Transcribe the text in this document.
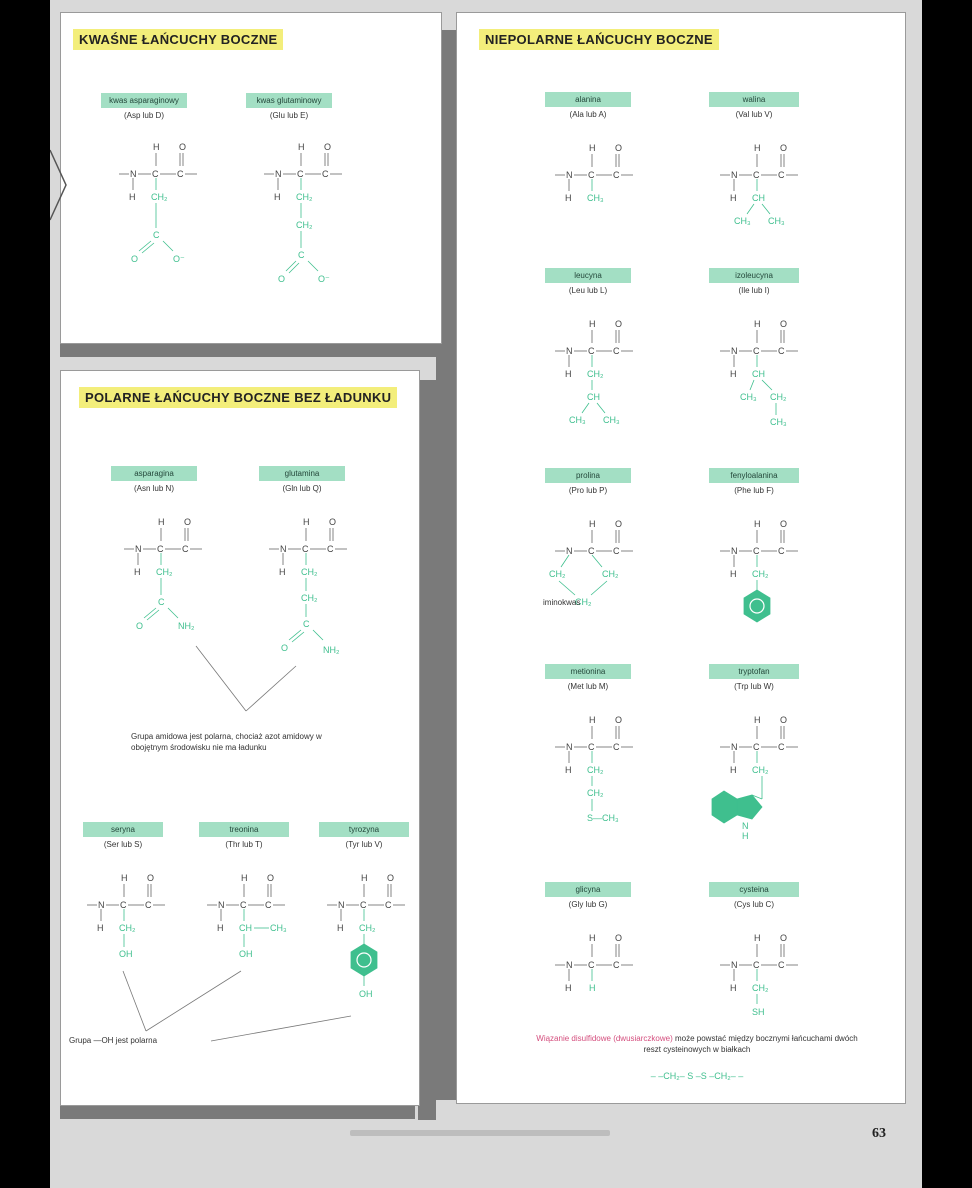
KWAŚNE ŁAŃCUCHY BOCZNE
kwas asparaginowy
(Asp lub D)
kwas glutaminowy
(Glu lub E)
H O
N C C
H CH₂
C
O	O⁻
H O
N C C
H CH₂
CH₂
C
O	O⁻
POLARNE ŁAŃCUCHY BOCZNE BEZ ŁADUNKU
asparagina
(Asn lub N)
glutamina
(Gln lub Q)
H O
N C C
H CH₂
C
O	NH₂
H O
N C C
H CH₂
CH₂
C
O	NH₂
Grupa amidowa jest polarna, chociaż azot amidowy w obojętnym środowisku nie ma ładunku
seryna
(Ser lub S)
treonina
(Thr lub T)
tyrozyna
(Tyr lub V)
H O
N C C
H CH₂
OH
H O
N C C
H CH CH₃
OH
H O
N C C
H CH₂
OH
Grupa —OH jest polarna
NIEPOLARNE ŁAŃCUCHY BOCZNE
alanina
(Ala lub A)
walina
(Val lub V)
leucyna
(Leu lub L)
izoleucyna
(Ile lub I)
prolina
(Pro lub P)
fenyloalanina
(Phe lub F)
metionina
(Met lub M)
tryptofan
(Trp lub W)
glicyna
(Gly lub G)
cysteina
(Cys lub C)
H O
N C C
H CH₃
H O
N C C
H CH
CH₃ CH₃
H O
N C C
H CH₂
CH
CH₃ CH₃
H O
N C C
H CH
CH₃ CH₂
CH₃
H O
N C C
CH₂	CH₂
CH₂
iminokwas
H O
N C C
H CH₂
H O
N C C
H CH₂
CH₂
S—CH₃
H O
N C C
H CH₂
N
H
H O
N C C
H H
H O
N C C
H CH₂
SH
Wiązanie disulfidowe (dwusiarczkowe) może powstać między bocznymi łańcuchami dwóch reszt cysteinowych w białkach
– –CH₂– S –S –CH₂– –
63
